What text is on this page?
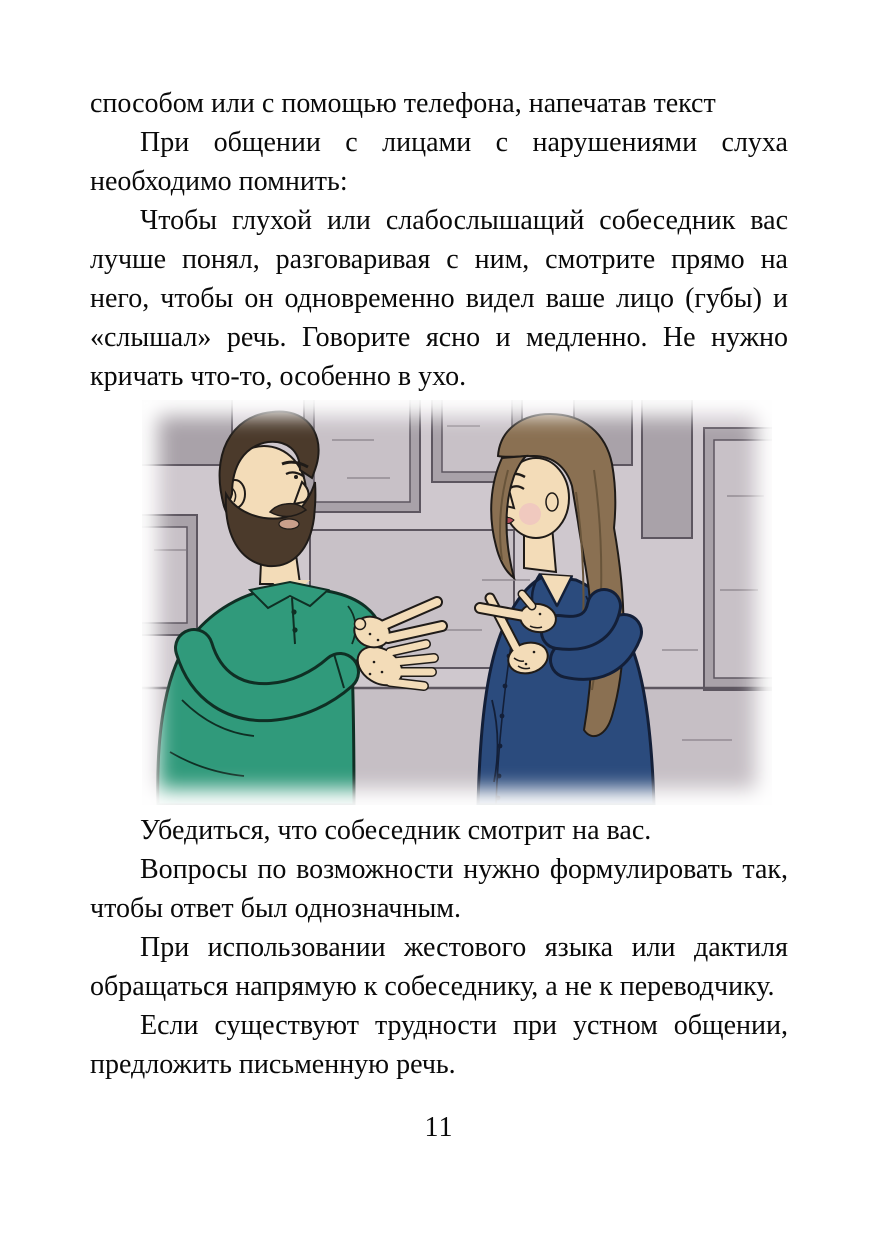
способом или с помощью телефона, напечатав текст

При общении с лицами с нарушениями слуха необходимо помнить:

Чтобы глухой или слабослышащий собеседник вас лучше понял, разговаривая с ним, смотрите прямо на него, чтобы он одновременно видел ваше лицо (губы) и «слышал» речь. Говорите ясно и медленно. Не нужно кричать что-то, особенно в ухо.

Убедиться, что собеседник смотрит на вас.

Вопросы по возможности нужно формулировать так, чтобы ответ был однозначным.

При использовании жестового языка или дактиля обращаться напрямую к собеседнику, а не к переводчику.

Если существуют трудности при устном общении, предложить письменную речь.

11
